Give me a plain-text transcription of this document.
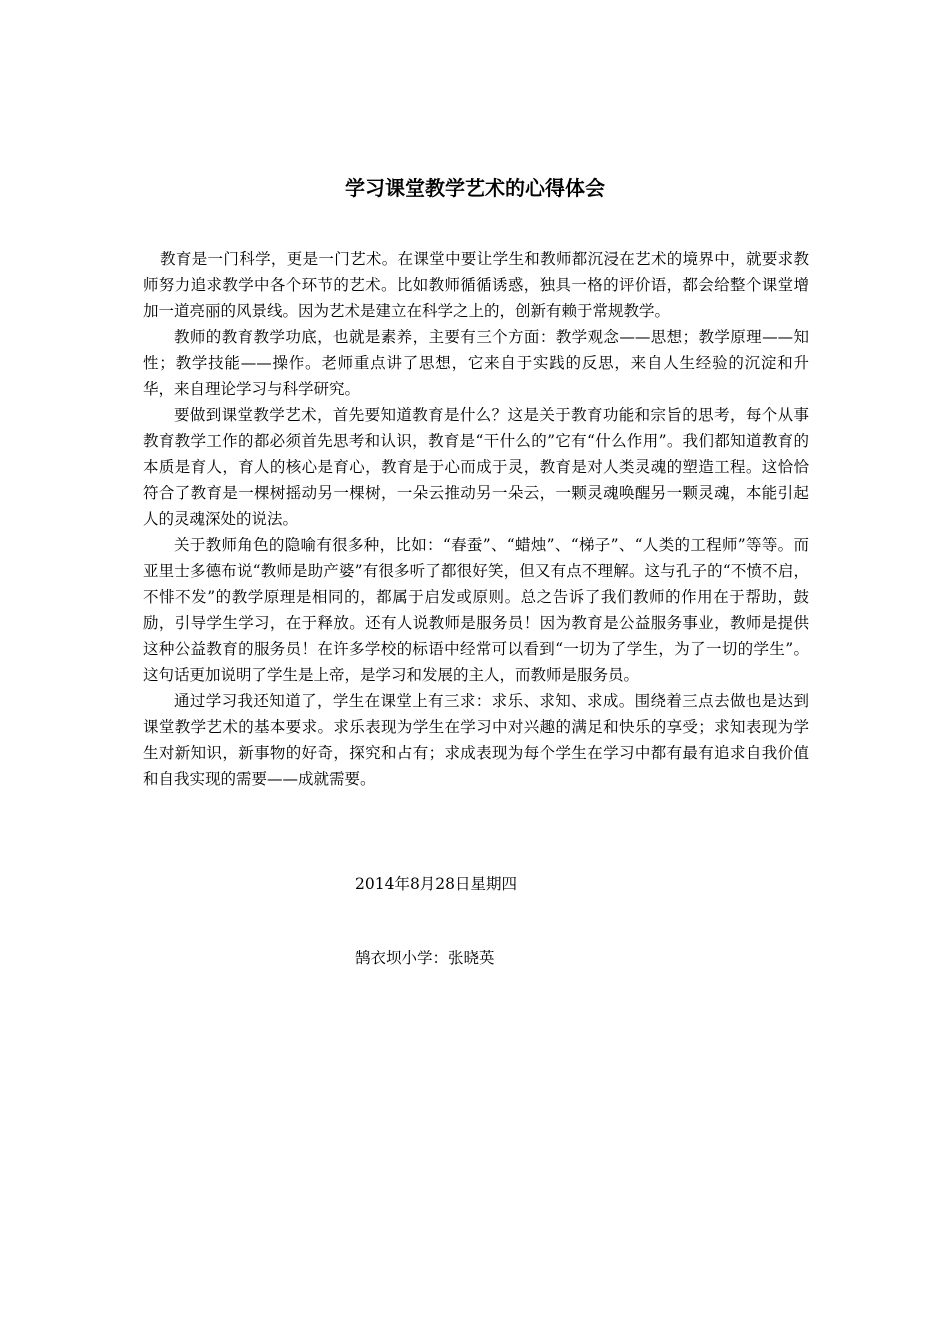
学习课堂教学艺术的心得体会

教育是一门科学，更是一门艺术。在课堂中要让学生和教师都沉浸在艺术的境界中，就要求教师努力追求教学中各个环节的艺术。比如教师循循诱惑，独具一格的评价语，都会给整个课堂增加一道亮丽的风景线。因为艺术是建立在科学之上的，创新有赖于常规教学。

教师的教育教学功底，也就是素养，主要有三个方面：教学观念——思想；教学原理——知性；教学技能——操作。老师重点讲了思想，它来自于实践的反思，来自人生经验的沉淀和升华，来自理论学习与科学研究。

要做到课堂教学艺术，首先要知道教育是什么？这是关于教育功能和宗旨的思考，每个从事教育教学工作的都必须首先思考和认识，教育是“干什么的”它有“什么作用”。我们都知道教育的本质是育人，育人的核心是育心，教育是于心而成于灵，教育是对人类灵魂的塑造工程。这恰恰符合了教育是一棵树摇动另一棵树，一朵云推动另一朵云，一颗灵魂唤醒另一颗灵魂，本能引起人的灵魂深处的说法。

关于教师角色的隐喻有很多种，比如：“春蚕”、“蜡烛”、“梯子”、“人类的工程师”等等。而亚里士多德布说“教师是助产婆”有很多听了都很好笑，但又有点不理解。这与孔子的“不愤不启，不悱不发”的教学原理是相同的，都属于启发或原则。总之告诉了我们教师的作用在于帮助，鼓励，引导学生学习，在于释放。还有人说教师是服务员！因为教育是公益服务事业，教师是提供这种公益教育的服务员！在许多学校的标语中经常可以看到“一切为了学生，为了一切的学生”。这句话更加说明了学生是上帝，是学习和发展的主人，而教师是服务员。

通过学习我还知道了，学生在课堂上有三求：求乐、求知、求成。围绕着三点去做也是达到课堂教学艺术的基本要求。求乐表现为学生在学习中对兴趣的满足和快乐的享受；求知表现为学生对新知识，新事物的好奇，探究和占有；求成表现为每个学生在学习中都有最有追求自我价值和自我实现的需要——成就需要。

2014年8月28日星期四
鹄衣坝小学：张晓英
